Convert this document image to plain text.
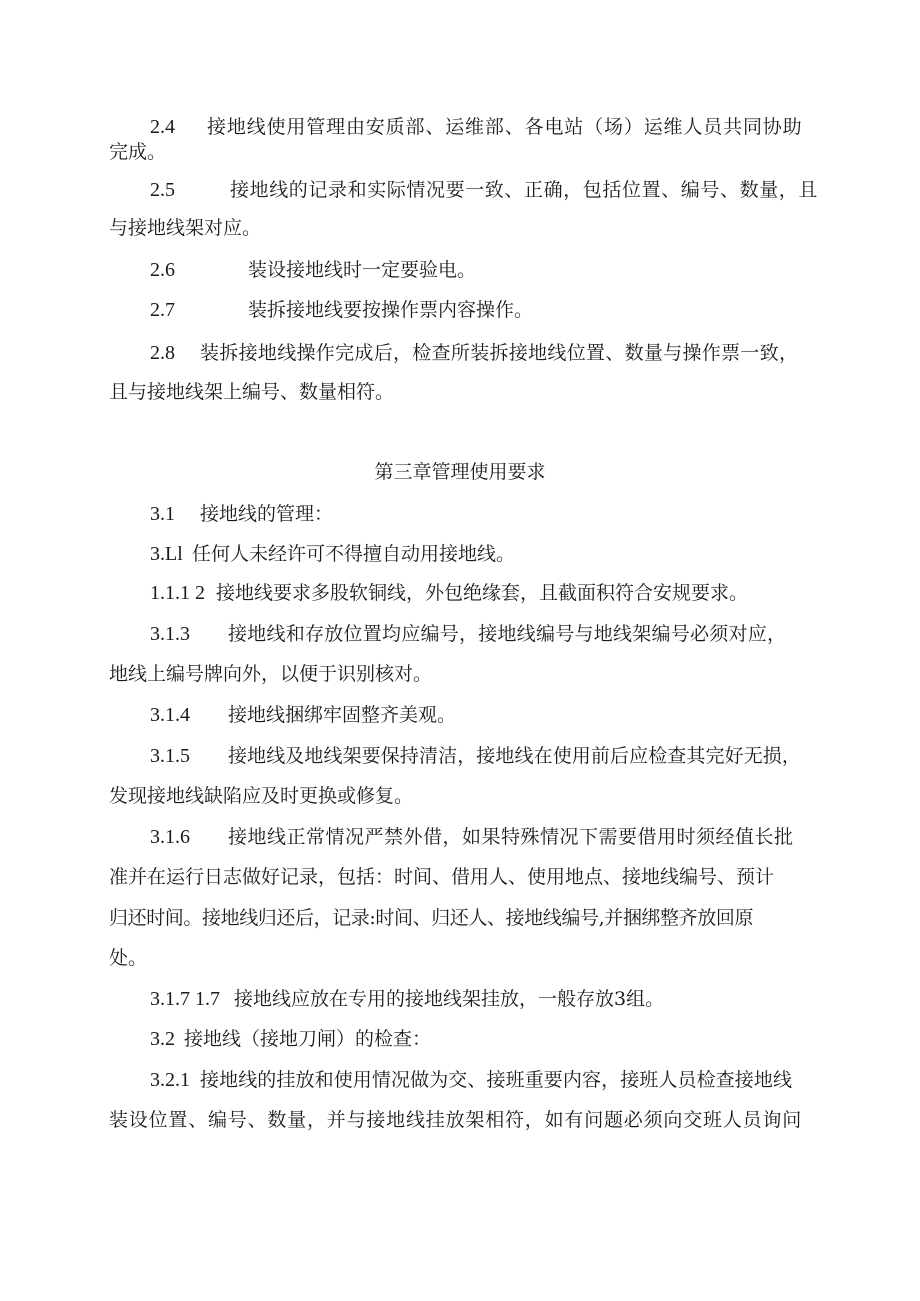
2.4 接地线使用管理由安质部、运维部、各电站（场）运维人员共同协助
完成。
2.5	接地线的记录和实际情况要一致、正确，包括位置、编号、数量，且
与接地线架对应。
2.6	装设接地线时一定要验电。
2.7	装拆接地线要按操作票内容操作。
2.8 装拆接地线操作完成后，检查所装拆接地线位置、数量与操作票一致，
且与接地线架上编号、数量相符。
第三章管理使用要求
3.1 接地线的管理：
3.Ll 任何人未经许可不得擅自动用接地线。
1.1.1 2 接地线要求多股软铜线，外包绝缘套，且截面积符合安规要求。
3.1.3 接地线和存放位置均应编号，接地线编号与地线架编号必须对应，
地线上编号牌向外，以便于识别核对。
3.1.4 接地线捆绑牢固整齐美观。
3.1.5 接地线及地线架要保持清洁，接地线在使用前后应检查其完好无损，
发现接地线缺陷应及时更换或修复。
3.1.6 接地线正常情况严禁外借，如果特殊情况下需要借用时须经值长批
准并在运行日志做好记录，包括：时间、借用人、使用地点、接地线编号、预计
归还时间。接地线归还后，记录:时间、归还人、接地线编号,并捆绑整齐放回原
处。
3.1.7 1.7 接地线应放在专用的接地线架挂放，一般存放3组。
3.2 接地线（接地刀闸）的检查：
3.2.1 接地线的挂放和使用情况做为交、接班重要内容，接班人员检查接地线
装设位置、编号、数量，并与接地线挂放架相符，如有问题必须向交班人员询问
